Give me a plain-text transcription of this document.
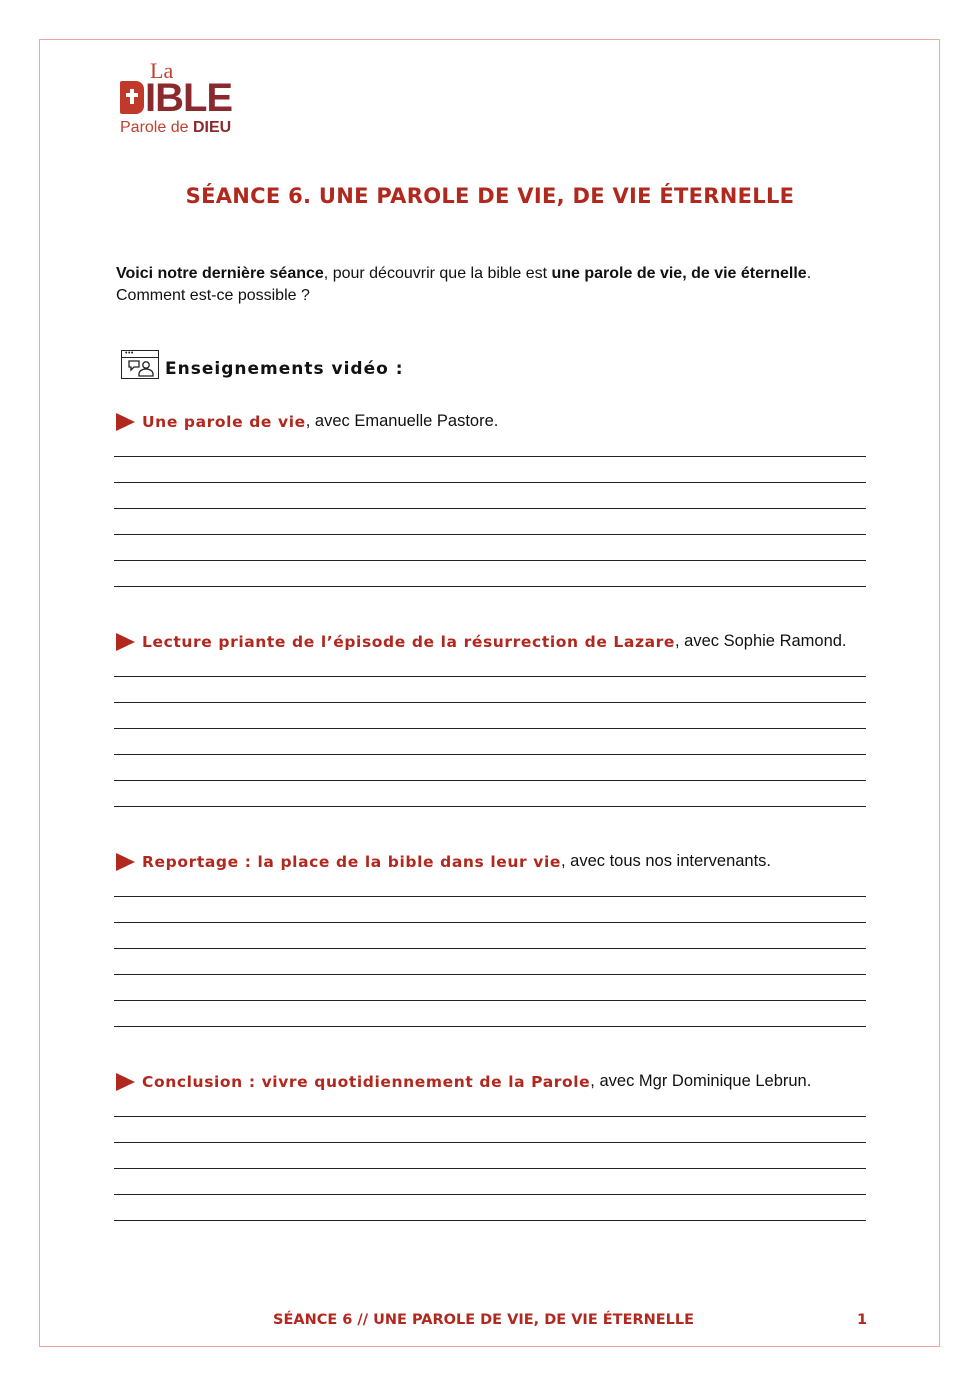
La
IBLE
Parole de DIEU
SÉANCE 6. UNE PAROLE DE VIE, DE VIE ÉTERNELLE
Voici notre dernière séance, pour découvrir que la bible est une parole de vie, de vie éternelle. Comment est-ce possible ?
•••
Enseignements vidéo :
Une parole de vie , avec Emanuelle Pastore.
Lecture priante de l’épisode de la résurrection de Lazare , avec Sophie Ramond.
Reportage : la place de la bible dans leur vie , avec tous nos intervenants.
Conclusion : vivre quotidiennement de la Parole , avec Mgr Dominique Lebrun.
SÉANCE 6 // UNE PAROLE DE VIE, DE VIE ÉTERNELLE	1
